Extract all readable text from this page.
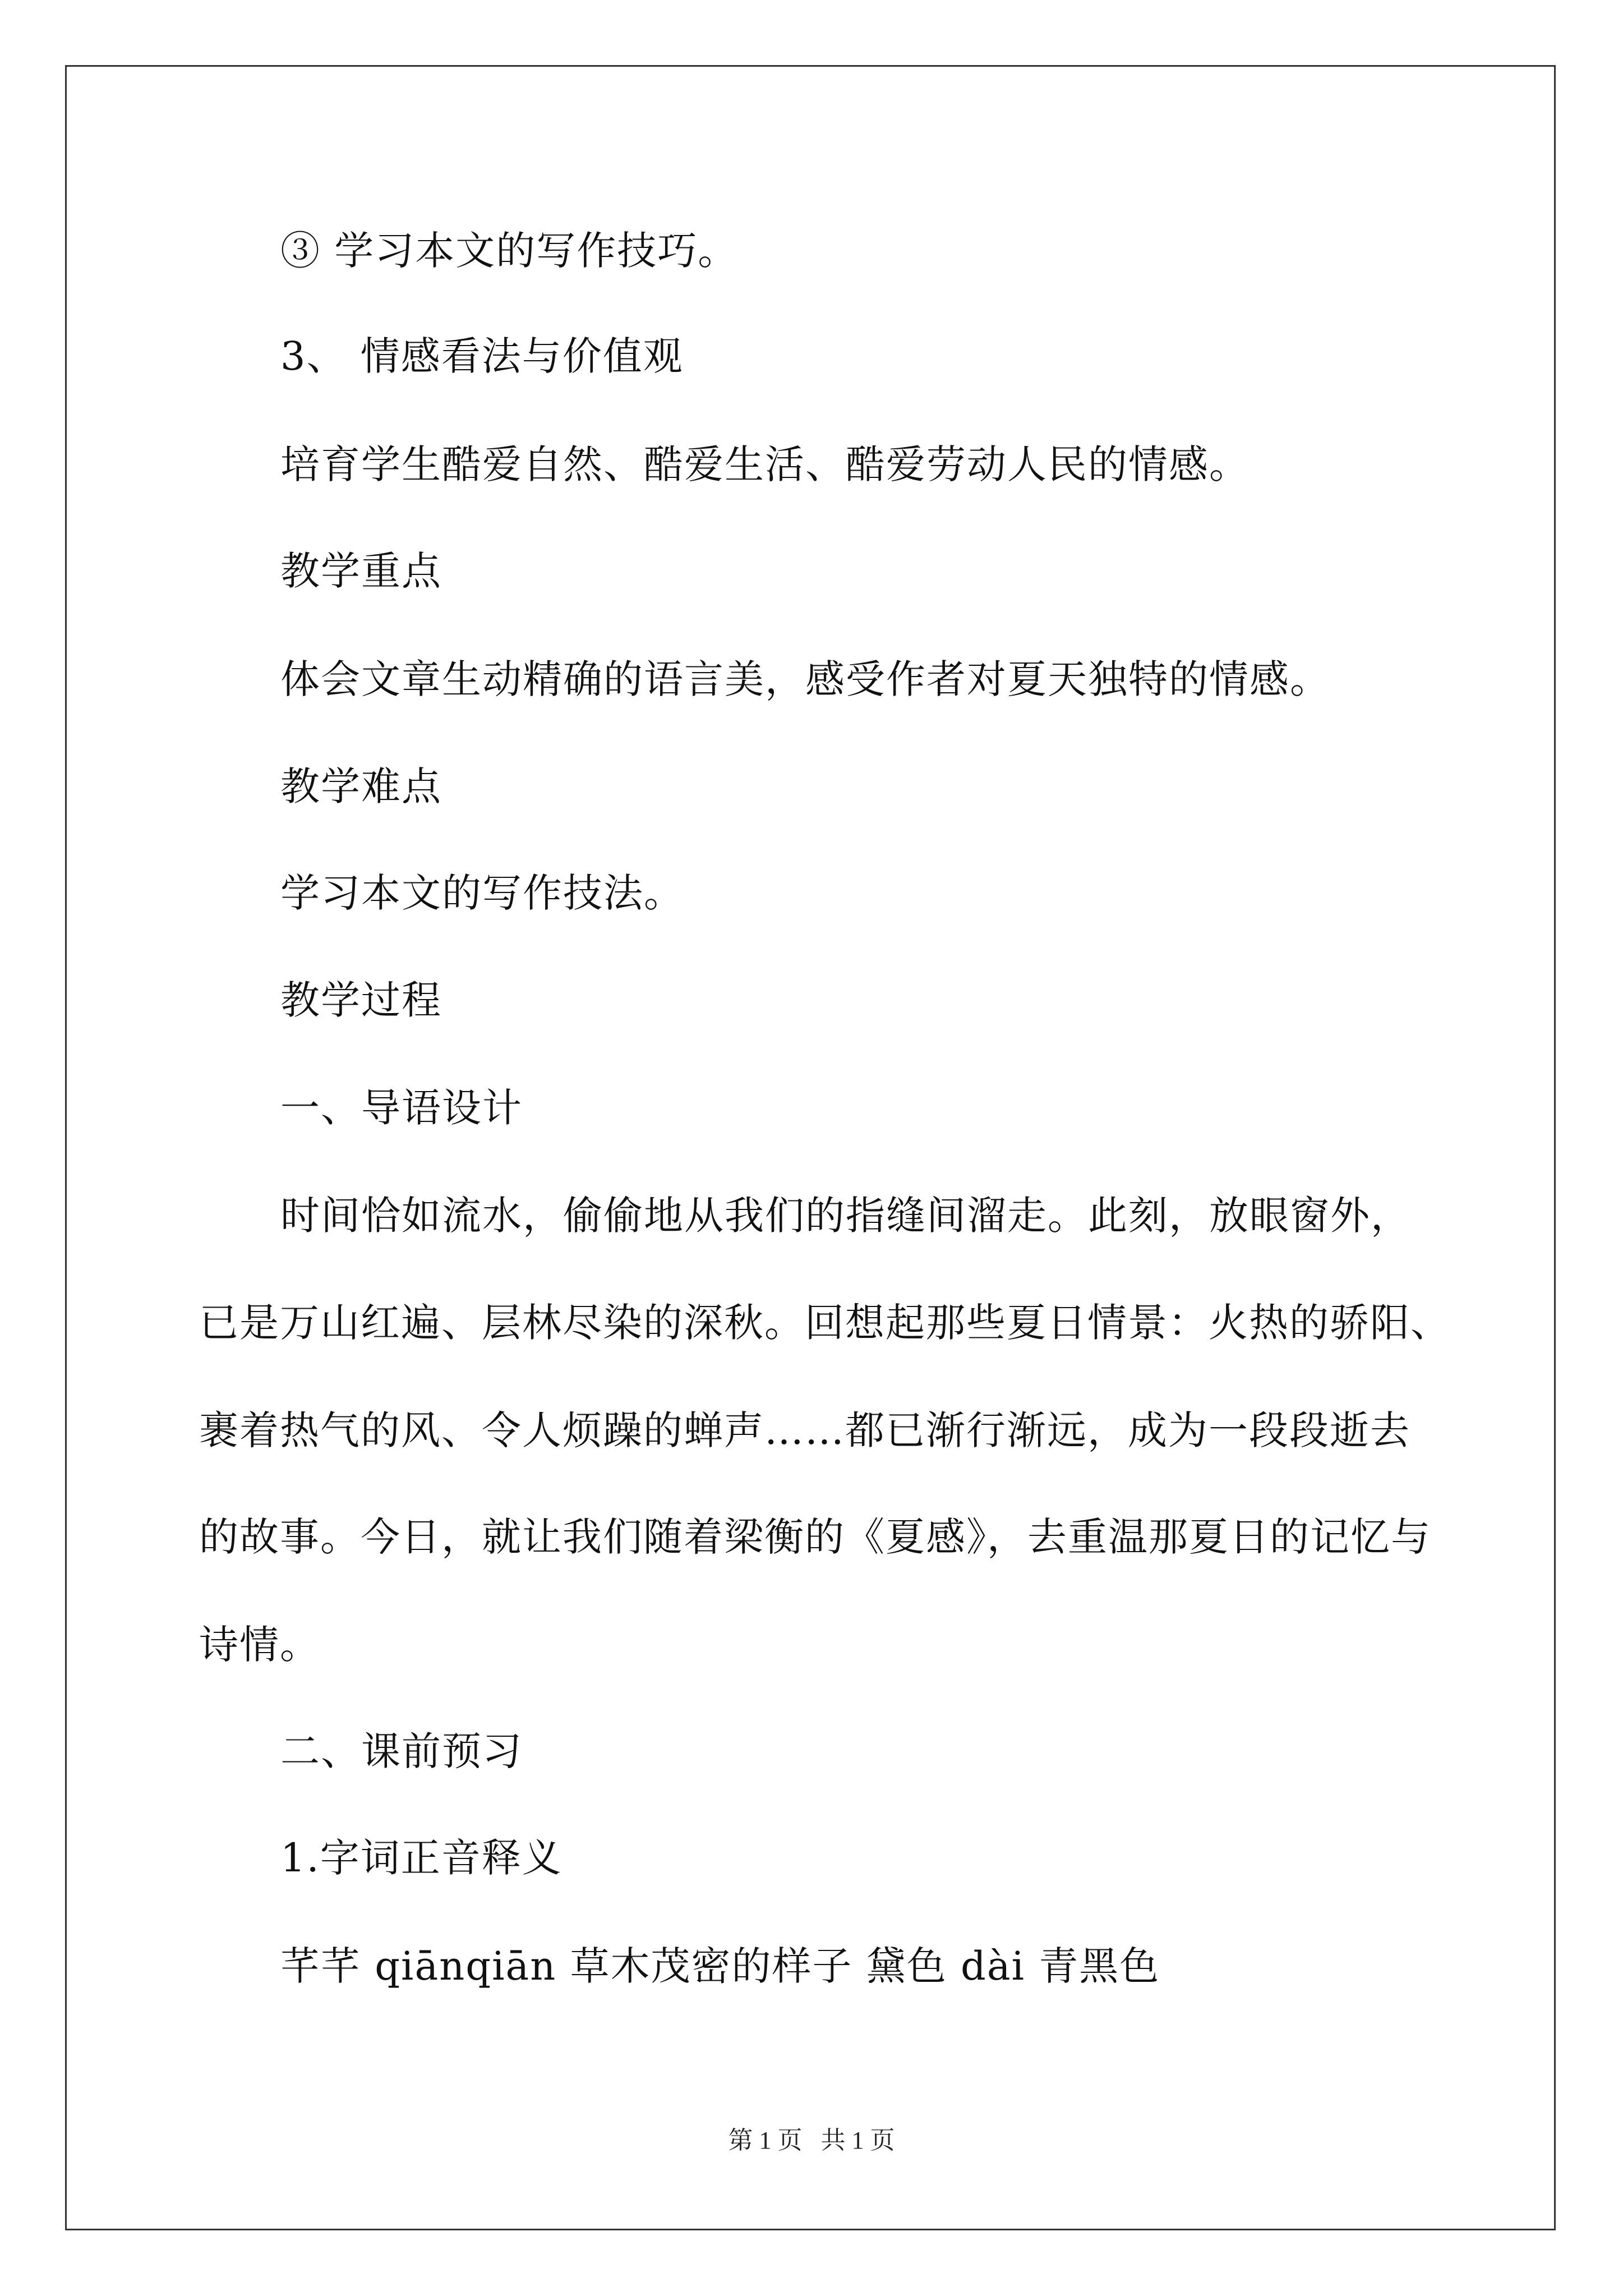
③ 学习本文的写作技巧。

3、 情感看法与价值观

培育学生酷爱自然、酷爱生活、酷爱劳动人民的情感。

教学重点

体会文章生动精确的语言美，感受作者对夏天独特的情感。

教学难点

学习本文的写作技法。

教学过程

一、导语设计

时间恰如流水，偷偷地从我们的指缝间溜走。此刻，放眼窗外，

已是万山红遍、层林尽染的深秋。回想起那些夏日情景：火热的骄阳、

裹着热气的风、令人烦躁的蝉声……都已渐行渐远，成为一段段逝去

的故事。今日，就让我们随着梁衡的《夏感》，去重温那夏日的记忆与

诗情。

二、课前预习

1.字词正音释义

芊芊 qiānqiān 草木茂密的样子 黛色 dài 青黑色

第 1 页   共 1 页
